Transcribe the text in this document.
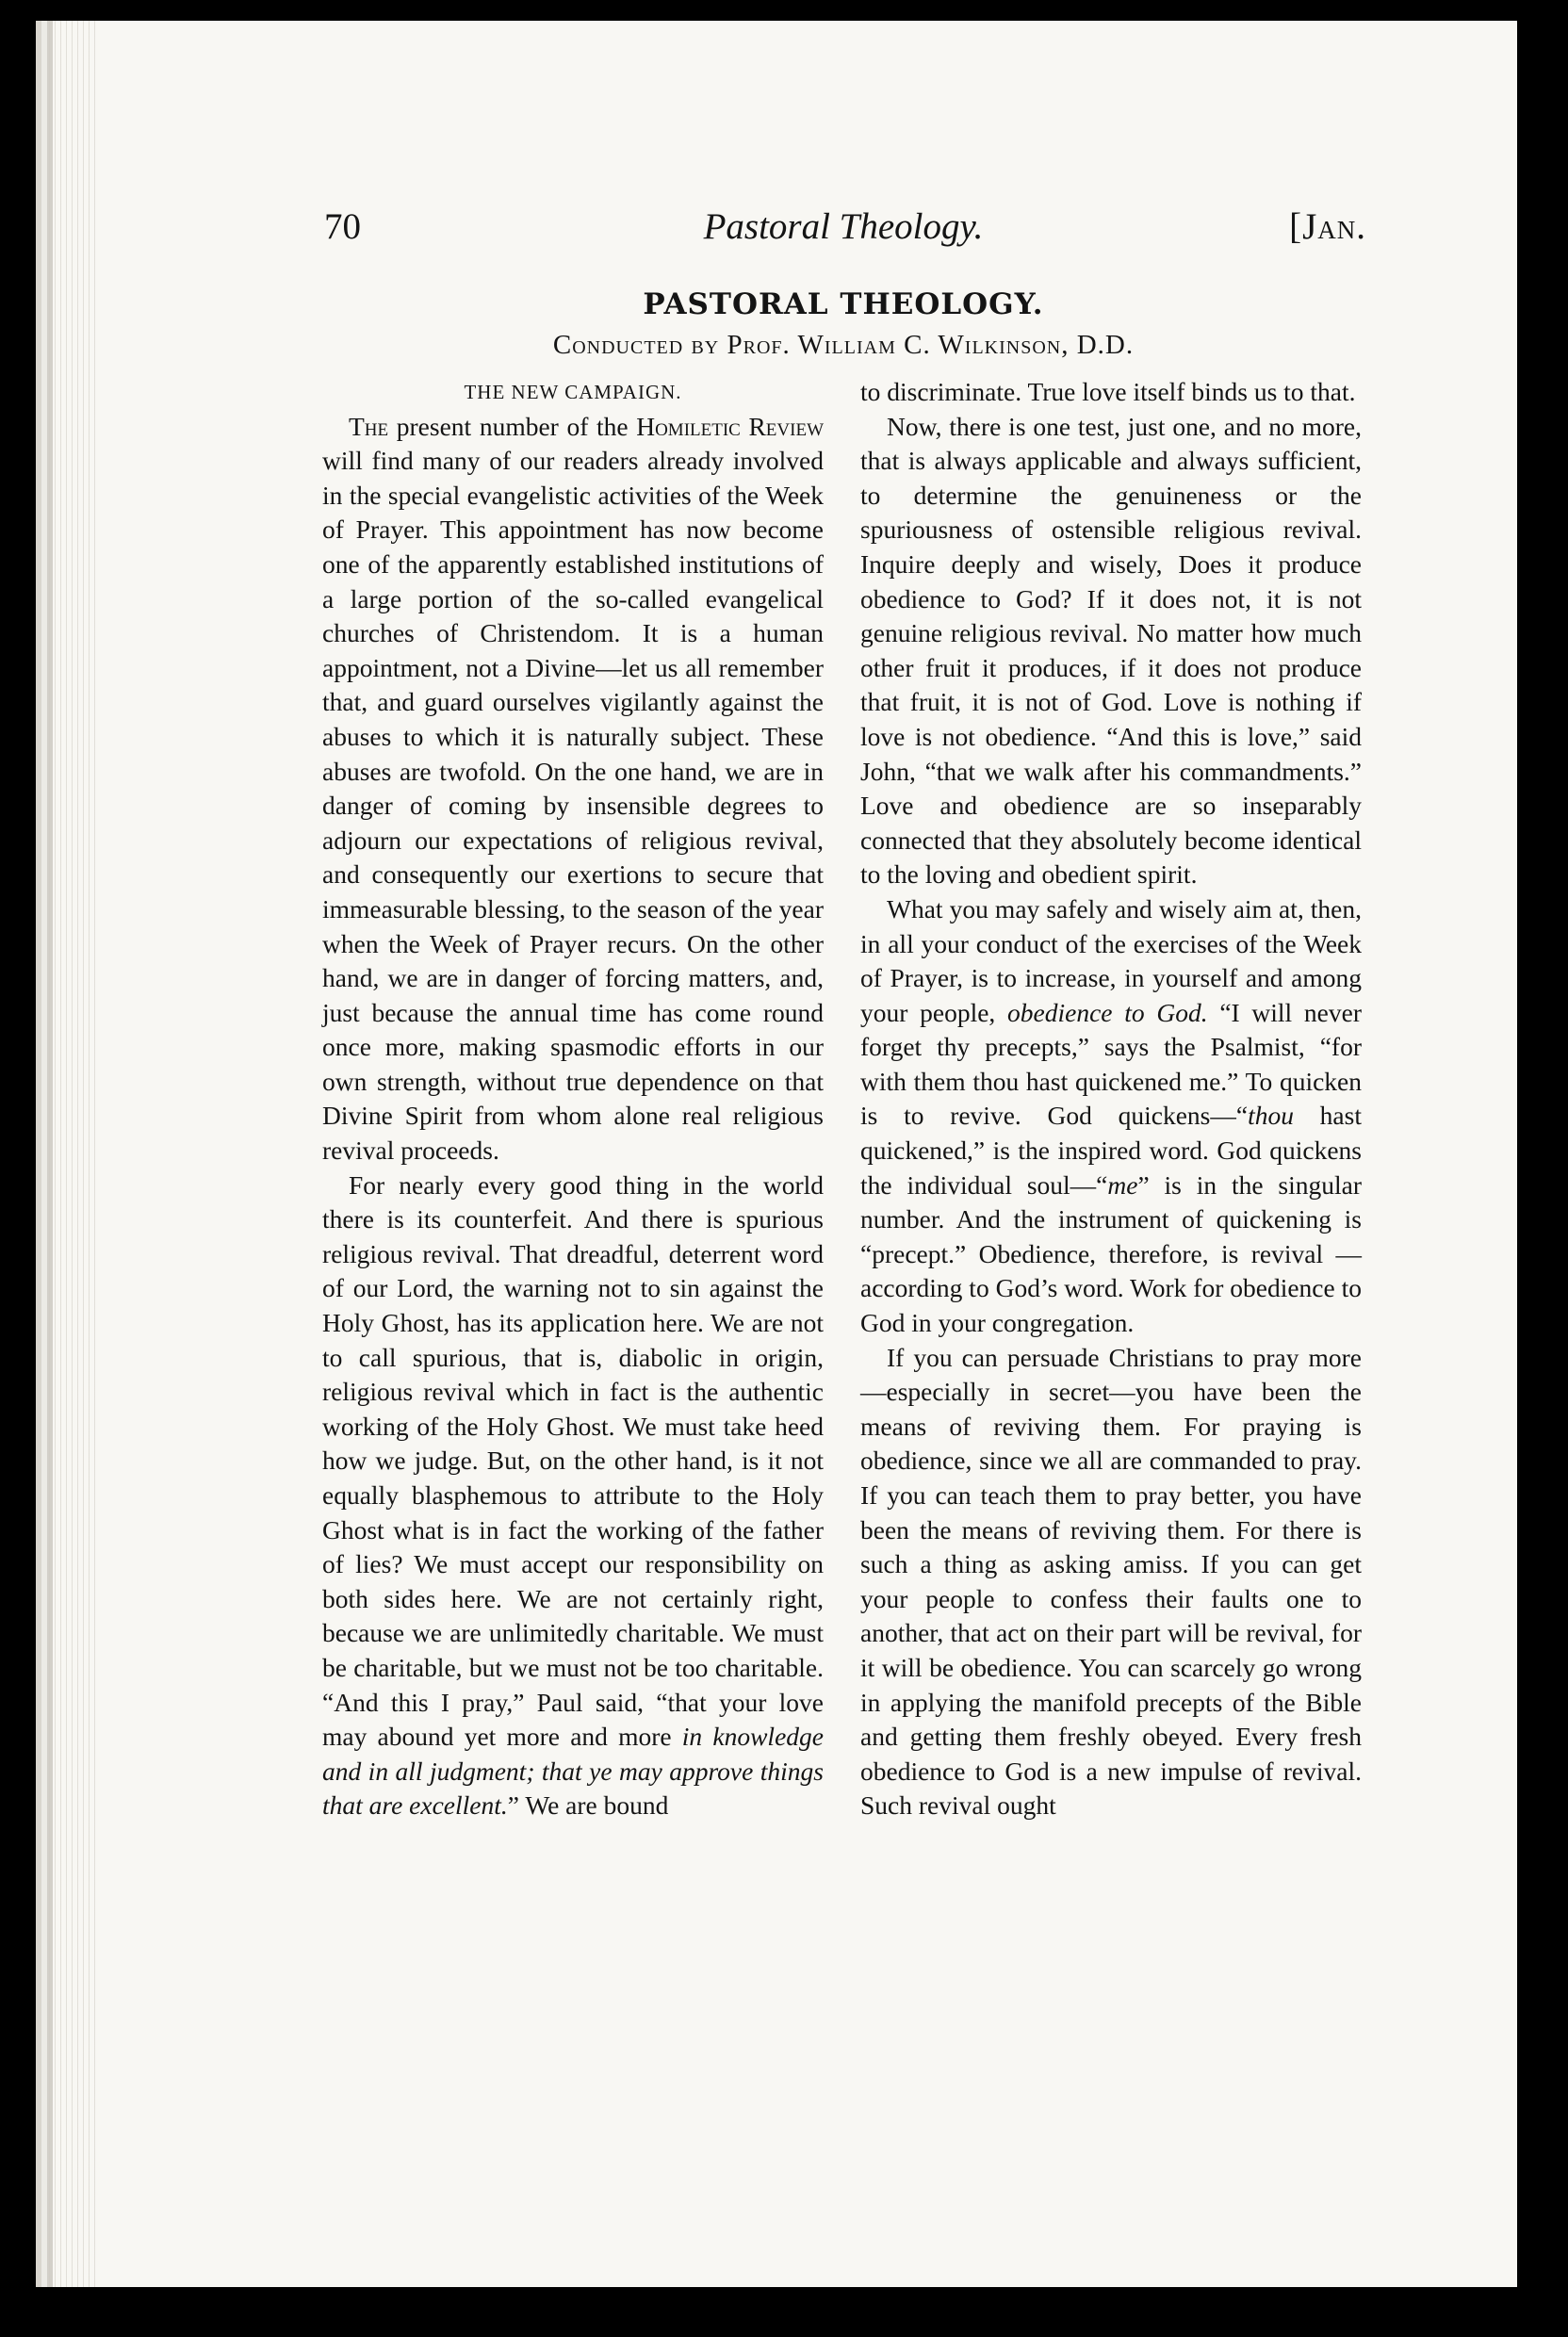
70	Pastoral Theology.	[Jan.
PASTORAL THEOLOGY.
Conducted by Prof. William C. Wilkinson, D.D.
THE NEW CAMPAIGN.

The present number of the Homiletic Review will find many of our readers already involved in the special evangelistic activities of the Week of Prayer. This appointment has now become one of the apparently established institutions of a large portion of the so-called evangelical churches of Christendom. It is a human appointment, not a Divine—let us all remember that, and guard ourselves vigilantly against the abuses to which it is naturally subject. These abuses are twofold. On the one hand, we are in danger of coming by insensible degrees to adjourn our expectations of religious revival, and consequently our exertions to secure that immeasurable blessing, to the season of the year when the Week of Prayer recurs. On the other hand, we are in danger of forcing matters, and, just because the annual time has come round once more, making spasmodic efforts in our own strength, without true dependence on that Divine Spirit from whom alone real religious revival proceeds.

For nearly every good thing in the world there is its counterfeit. And there is spurious religious revival. That dreadful, deterrent word of our Lord, the warning not to sin against the Holy Ghost, has its application here. We are not to call spurious, that is, diabolic in origin, religious revival which in fact is the authentic working of the Holy Ghost. We must take heed how we judge. But, on the other hand, is it not equally blasphemous to attribute to the Holy Ghost what is in fact the working of the father of lies? We must accept our responsibility on both sides here. We are not certainly right, because we are unlimitedly charitable. We must be charitable, but we must not be too charitable. “And this I pray,” Paul said, “that your love may abound yet more and more in knowledge and in all judgment; that ye may approve things that are excellent.” We are bound

to discriminate. True love itself binds us to that.

Now, there is one test, just one, and no more, that is always applicable and always sufficient, to determine the genuineness or the spuriousness of ostensible religious revival. Inquire deeply and wisely, Does it produce obedience to God? If it does not, it is not genuine religious revival. No matter how much other fruit it produces, if it does not produce that fruit, it is not of God. Love is nothing if love is not obedience. “And this is love,” said John, “that we walk after his commandments.” Love and obedience are so inseparably connected that they absolutely become identical to the loving and obedient spirit.

What you may safely and wisely aim at, then, in all your conduct of the exercises of the Week of Prayer, is to increase, in yourself and among your people, obedience to God. “I will never forget thy precepts,” says the Psalmist, “for with them thou hast quickened me.” To quicken is to revive. God quickens—“thou hast quickened,” is the inspired word. God quickens the individual soul—“me” is in the singular number. And the instrument of quickening is “precept.” Obedience, therefore, is revival — according to God’s word. Work for obedience to God in your congregation.

If you can persuade Christians to pray more—especially in secret—you have been the means of reviving them. For praying is obedience, since we all are commanded to pray. If you can teach them to pray better, you have been the means of reviving them. For there is such a thing as asking amiss. If you can get your people to confess their faults one to another, that act on their part will be revival, for it will be obedience. You can scarcely go wrong in applying the manifold precepts of the Bible and getting them freshly obeyed. Every fresh obedience to God is a new impulse of revival. Such revival ought
